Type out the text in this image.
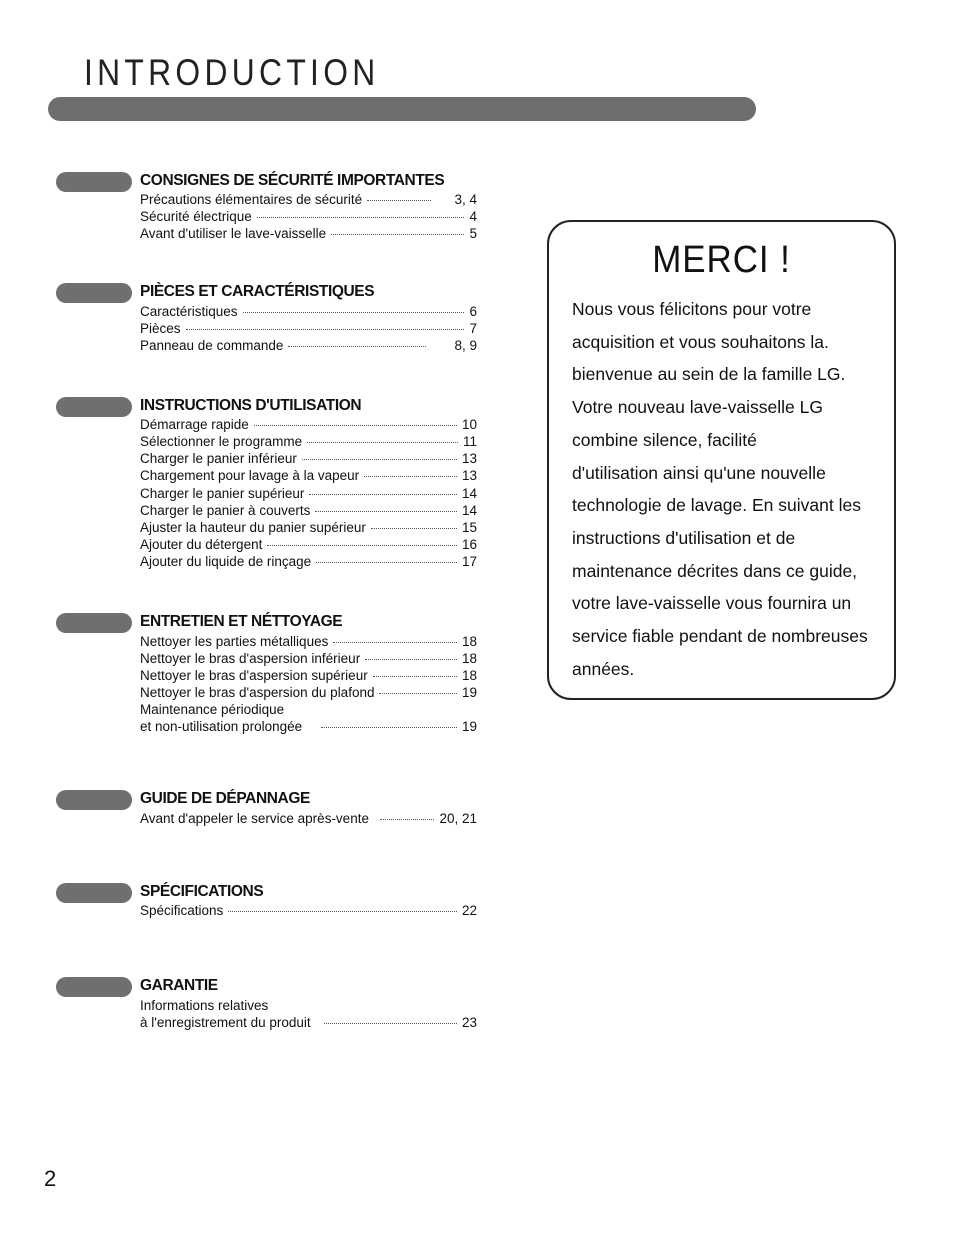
INTRODUCTION
CONSIGNES DE SÉCURITÉ IMPORTANTES
Précautions élémentaires de sécurité	3, 4
Sécurité électrique	4
Avant d'utiliser le lave-vaisselle	5
PIÈCES ET CARACTÉRISTIQUES
Caractéristiques	6
Pièces	7
Panneau de commande	8, 9
INSTRUCTIONS D'UTILISATION
Démarrage rapide	10
Sélectionner le programme	11
Charger le panier inférieur	13
Chargement pour lavage à la vapeur	13
Charger le panier supérieur	14
Charger le panier à couverts	14
Ajuster la hauteur du panier supérieur	15
Ajouter du détergent	16
Ajouter du liquide de rinçage	17
ENTRETIEN ET NÉTTOYAGE
Nettoyer les parties métalliques	18
Nettoyer le bras d'aspersion inférieur	18
Nettoyer le bras d'aspersion supérieur	18
Nettoyer le bras d'aspersion du plafond	19
Maintenance périodique
et non-utilisation prolongée	19
GUIDE DE DÉPANNAGE
Avant d'appeler le service après-vente	20, 21
SPÉCIFICATIONS
Spécifications	22
GARANTIE
Informations relatives
à l'enregistrement du produit	23
MERCI !
Nous vous félicitons pour votre
acquisition et vous souhaitons la.
bienvenue au sein de la famille LG.
Votre nouveau lave-vaisselle LG
combine silence, facilité
d'utilisation ainsi qu'une nouvelle
technologie de lavage. En suivant les
instructions d'utilisation et de
maintenance décrites dans ce guide,
votre lave-vaisselle vous fournira un
service fiable pendant de nombreuses
années.
2
